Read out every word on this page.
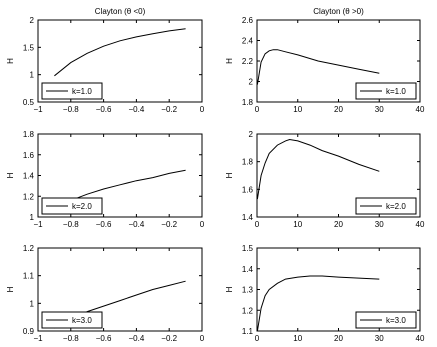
−1	−0.8 −0.6 −0.4 −0.2	0
0.5
1
1.5
2
H
Clayton (θ <0)
k=1.0
0	10	20	30	40
1.8
2
2.2
2.4
2.6
H
Clayton (θ >0)
k=1.0
−1	−0.8 −0.6 −0.4 −0.2	0
1
1.2
1.4
1.6
1.8
H
k=2.0
0	10	20	30	40
1.4
1.6
1.8
2
H
k=2.0
−1	−0.8 −0.6 −0.4 −0.2	0
0.9
1
1.1
1.2
H
k=3.0
0	10	20	30	40
1.1
1.2
1.3
1.4
1.5
H
k=3.0
